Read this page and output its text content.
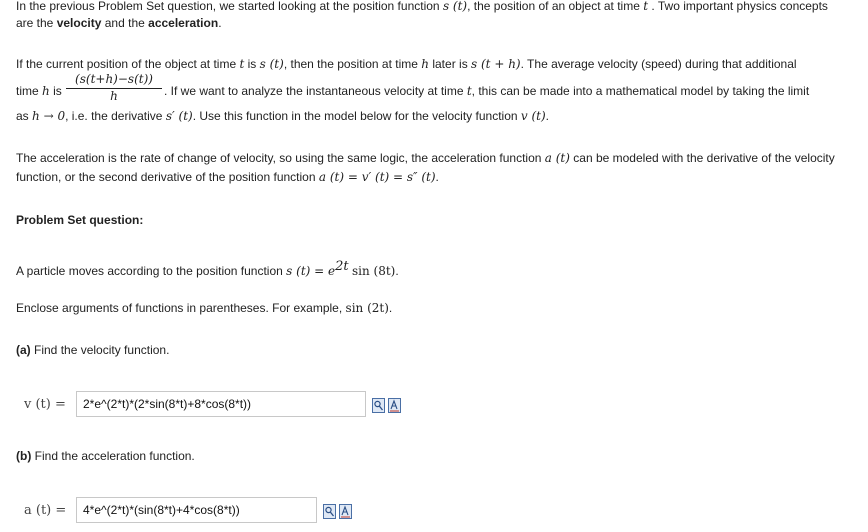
In the previous Problem Set question, we started looking at the position function s (t), the position of an object at time t . Two important physics concepts

are the velocity and the acceleration.

If the current position of the object at time t is s (t), then the position at time h later is s (t + h). The average velocity (speed) during that additional

time h is $\frac{(s(t+h)-s(t))}{h}$ . If we want to analyze the instantaneous velocity at time t, this can be made into a mathematical model by taking the limit

as h → 0, i.e. the derivative s′ (t). Use this function in the model below for the velocity function v (t).

The acceleration is the rate of change of velocity, so using the same logic, the acceleration function a (t) can be modeled with the derivative of the velocity

function, or the second derivative of the position function a (t) = v′ (t) = s″ (t).

Problem Set question:

A particle moves according to the position function s $(t) = e^{2t}$ sin (8t).

Enclose arguments of functions in parentheses. For example, sin (2t).

(a) Find the velocity function.

v (t) =
2*e^(2*t)*(2*sin(8*t)+8*cos(8*t))

(b) Find the acceleration function.

a (t) =
4*e^(2*t)*(sin(8*t)+4*cos(8*t))
